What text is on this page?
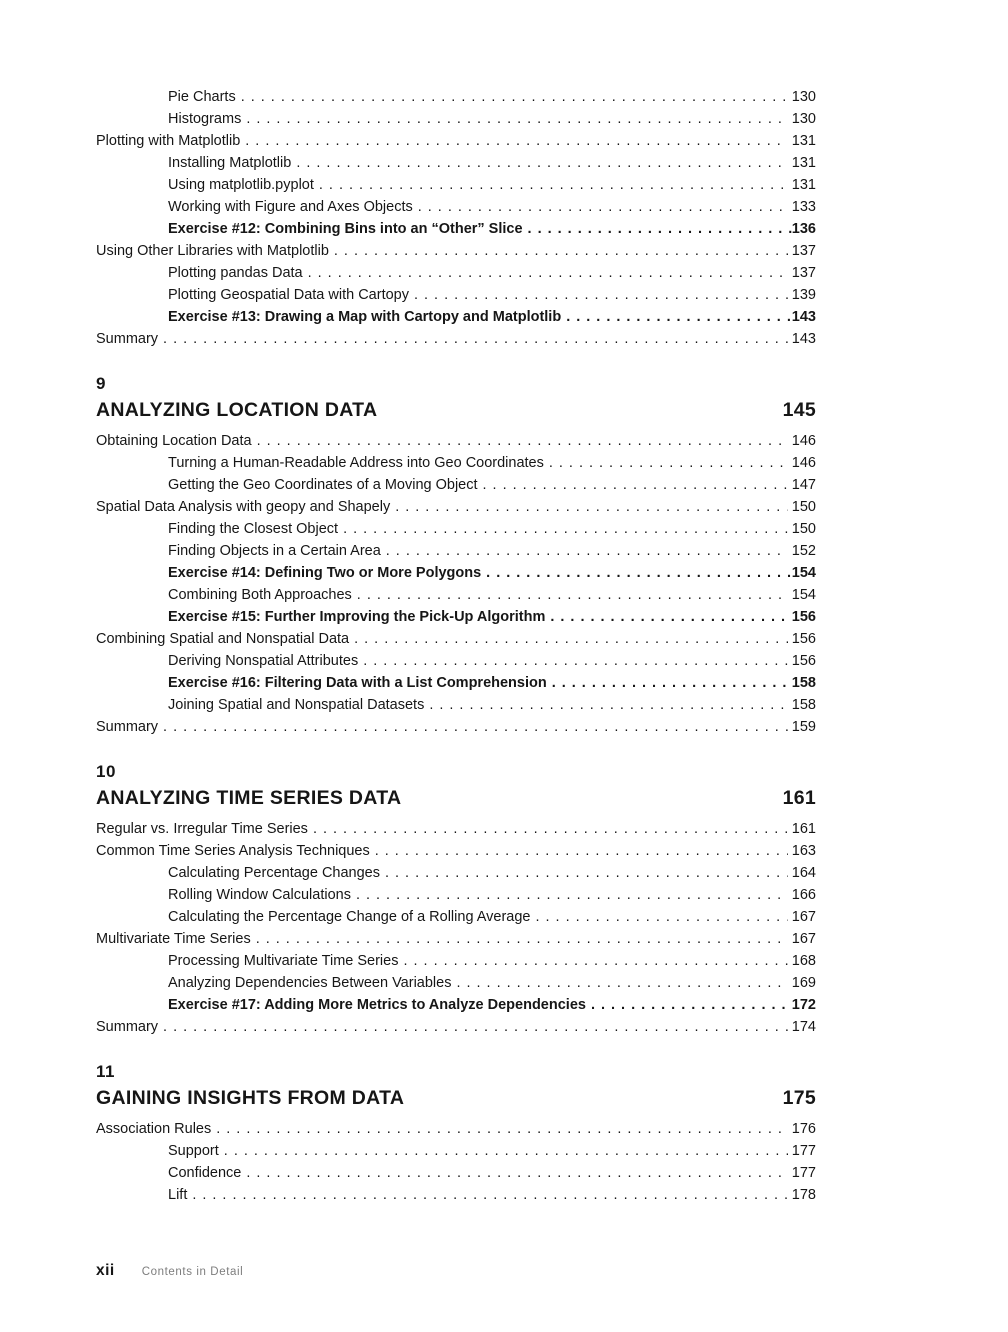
Pie Charts .....	130
Histograms .....	130
Plotting with Matplotlib .....	131
Installing Matplotlib .....	131
Using matplotlib.pyplot .....	131
Working with Figure and Axes Objects .....	133
Exercise #12: Combining Bins into an “Other” Slice .....	136
Using Other Libraries with Matplotlib .....	137
Plotting pandas Data .....	137
Plotting Geospatial Data with Cartopy .....	139
Exercise #13: Drawing a Map with Cartopy and Matplotlib .....	143
Summary .....	143
9
ANALYZING LOCATION DATA	145
Obtaining Location Data .....	146
Turning a Human-Readable Address into Geo Coordinates .....	146
Getting the Geo Coordinates of a Moving Object .....	147
Spatial Data Analysis with geopy and Shapely .....	150
Finding the Closest Object .....	150
Finding Objects in a Certain Area .....	152
Exercise #14: Defining Two or More Polygons .....	154
Combining Both Approaches .....	154
Exercise #15: Further Improving the Pick-Up Algorithm .....	156
Combining Spatial and Nonspatial Data .....	156
Deriving Nonspatial Attributes .....	156
Exercise #16: Filtering Data with a List Comprehension .....	158
Joining Spatial and Nonspatial Datasets .....	158
Summary .....	159
10
ANALYZING TIME SERIES DATA	161
Regular vs. Irregular Time Series .....	161
Common Time Series Analysis Techniques .....	163
Calculating Percentage Changes .....	164
Rolling Window Calculations .....	166
Calculating the Percentage Change of a Rolling Average .....	167
Multivariate Time Series .....	167
Processing Multivariate Time Series .....	168
Analyzing Dependencies Between Variables .....	169
Exercise #17: Adding More Metrics to Analyze Dependencies .....	172
Summary .....	174
11
GAINING INSIGHTS FROM DATA	175
Association Rules .....	176
Support .....	177
Confidence .....	177
Lift .....	178
xii Contents in Detail
